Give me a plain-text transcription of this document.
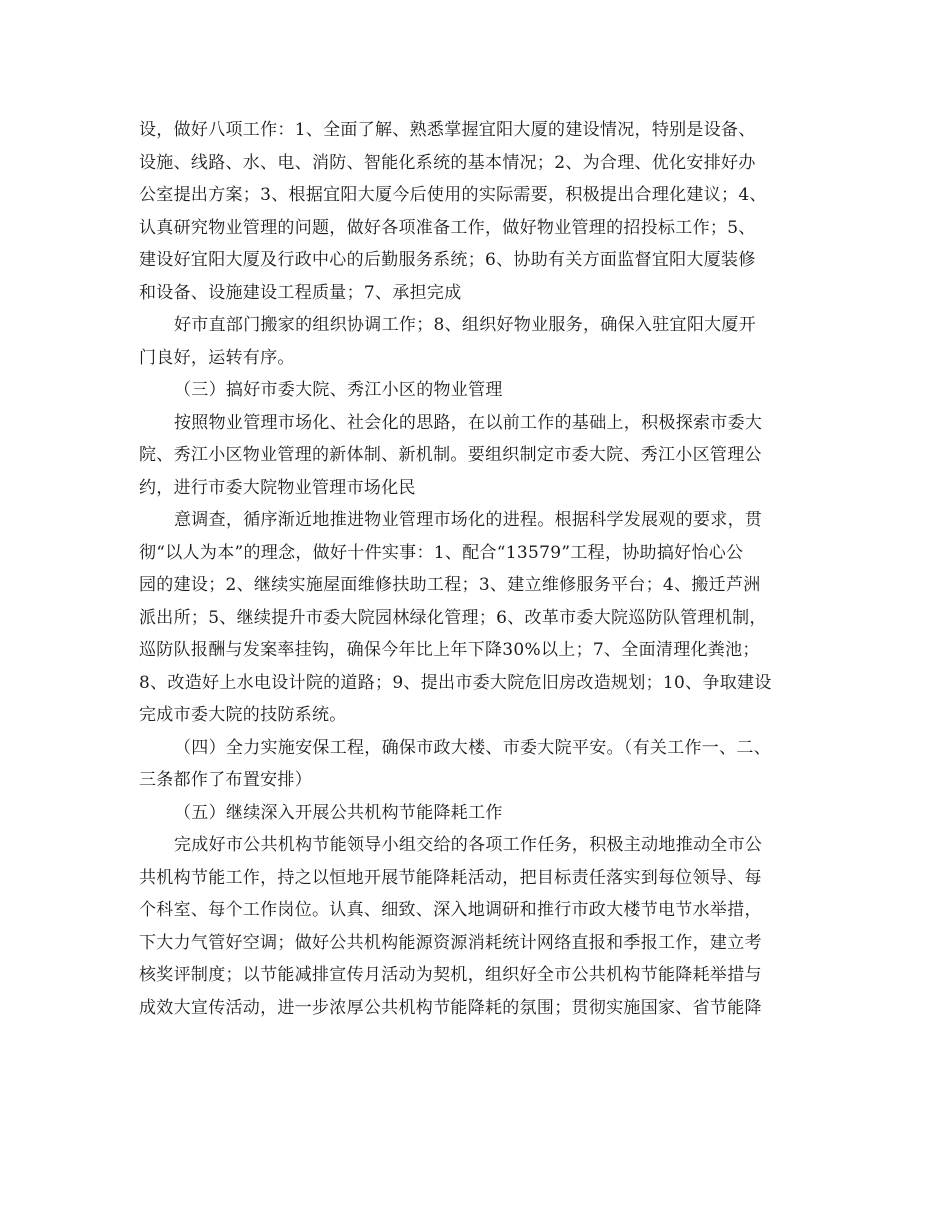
设，做好八项工作：1、全面了解、熟悉掌握宜阳大厦的建设情况，特别是设备、
设施、线路、水、电、消防、智能化系统的基本情况；2、为合理、优化安排好办
公室提出方案；3、根据宜阳大厦今后使用的实际需要，积极提出合理化建议；4、
认真研究物业管理的问题，做好各项准备工作，做好物业管理的招投标工作；5、
建设好宜阳大厦及行政中心的后勤服务系统；6、协助有关方面监督宜阳大厦装修
和设备、设施建设工程质量；7、承担完成
好市直部门搬家的组织协调工作；8、组织好物业服务，确保入驻宜阳大厦开
门良好，运转有序。
（三）搞好市委大院、秀江小区的物业管理
按照物业管理市场化、社会化的思路，在以前工作的基础上，积极探索市委大
院、秀江小区物业管理的新体制、新机制。要组织制定市委大院、秀江小区管理公
约，进行市委大院物业管理市场化民
意调查，循序渐近地推进物业管理市场化的进程。根据科学发展观的要求，贯
彻“以人为本”的理念，做好十件实事：1、配合“13579”工程，协助搞好怡心公
园的建设；2、继续实施屋面维修扶助工程；3、建立维修服务平台；4、搬迁芦洲
派出所；5、继续提升市委大院园林绿化管理；6、改革市委大院巡防队管理机制，
巡防队报酬与发案率挂钩，确保今年比上年下降30%以上；7、全面清理化粪池；
8、改造好上水电设计院的道路；9、提出市委大院危旧房改造规划；10、争取建设
完成市委大院的技防系统。
（四）全力实施安保工程，确保市政大楼、市委大院平安。（有关工作一、二、
三条都作了布置安排）
（五）继续深入开展公共机构节能降耗工作
完成好市公共机构节能领导小组交给的各项工作任务，积极主动地推动全市公
共机构节能工作，持之以恒地开展节能降耗活动，把目标责任落实到每位领导、每
个科室、每个工作岗位。认真、细致、深入地调研和推行市政大楼节电节水举措，
下大力气管好空调；做好公共机构能源资源消耗统计网络直报和季报工作，建立考
核奖评制度；以节能减排宣传月活动为契机，组织好全市公共机构节能降耗举措与
成效大宣传活动，进一步浓厚公共机构节能降耗的氛围；贯彻实施国家、省节能降
